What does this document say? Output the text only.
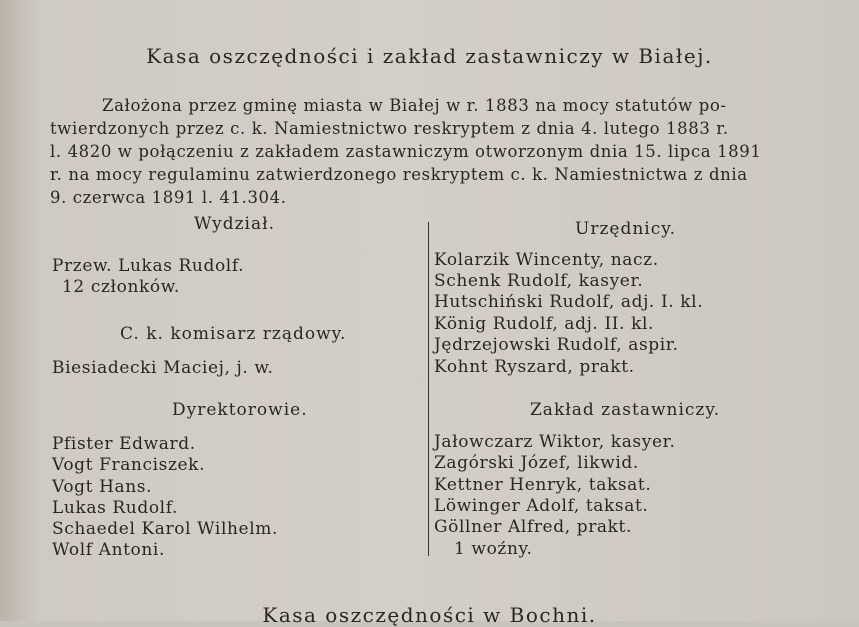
Kasa oszczędności i zakład zastawniczy w Białej.
Założona przez gminę miasta w Białej w r. 1883 na mocy statutów po-
twierdzonych przez c. k. Namiestnictwo reskryptem z dnia 4. lutego 1883 r.
l. 4820 w połączeniu z zakładem zastawniczym otworzonym dnia 15. lipca 1891
r. na mocy regulaminu zatwierdzonego reskryptem c. k. Namiestnictwa z dnia
9. czerwca 1891 l. 41.304.
Wydział.
Przew. Lukas Rudolf.
12 członków.
C. k. komisarz rządowy.
Biesiadecki Maciej, j. w.
Dyrektorowie.
Pfister Edward.
Vogt Franciszek.
Vogt Hans.
Lukas Rudolf.
Schaedel Karol Wilhelm.
Wolf Antoni.
Urzędnicy.
Kolarzik Wincenty, nacz.
Schenk Rudolf, kasyer.
Hutschiński Rudolf, adj. I. kl.
König Rudolf, adj. II. kl.
Jędrzejowski Rudolf, aspir.
Kohnt Ryszard, prakt.
Zakład zastawniczy.
Jałowczarz Wiktor, kasyer.
Zagórski Józef, likwid.
Kettner Henryk, taksat.
Löwinger Adolf, taksat.
Göllner Alfred, prakt.
1 woźny.
Kasa oszczędności w Bochni.
